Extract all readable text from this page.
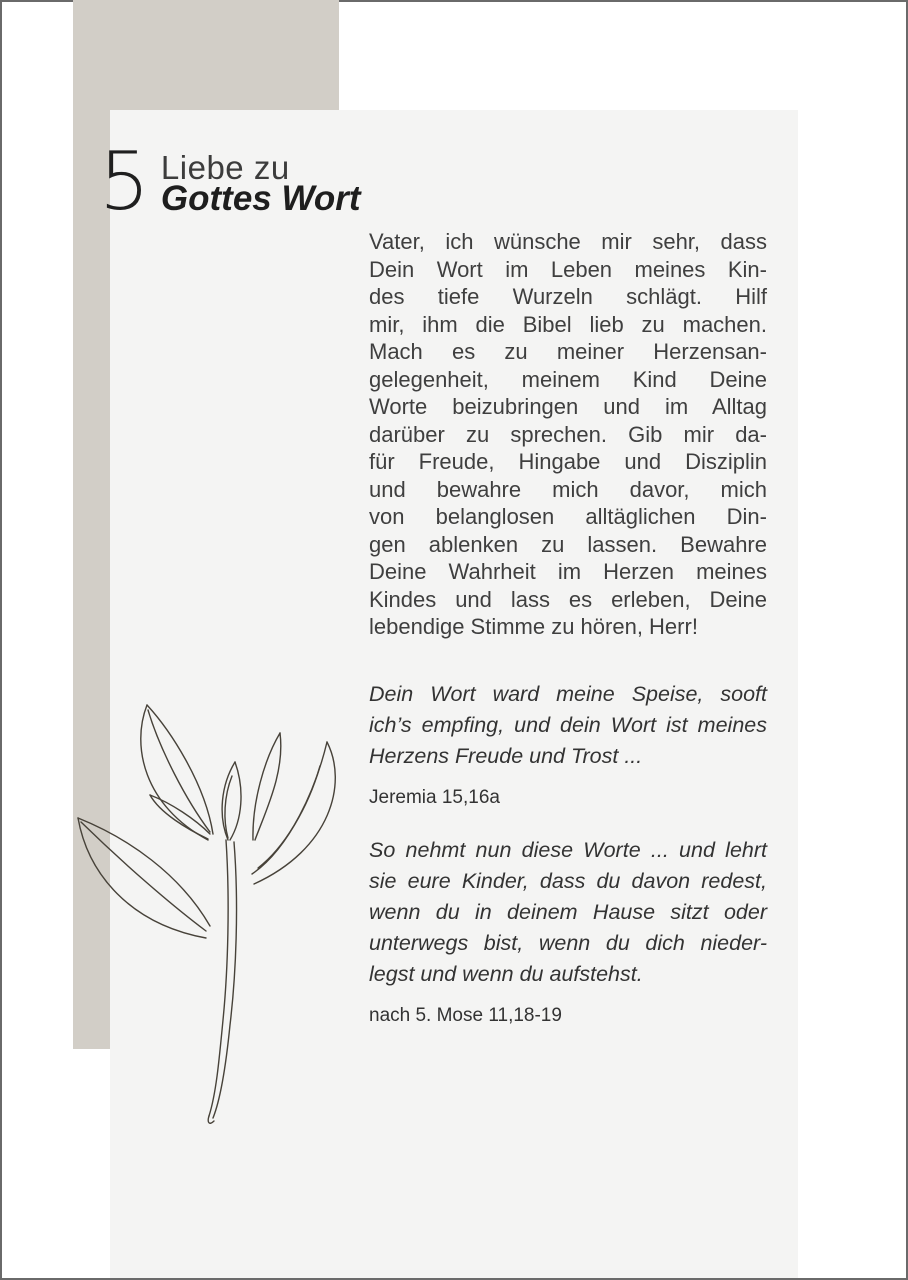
5 Liebe zu
Gottes Wort
Vater, ich wünsche mir sehr, dass
Dein Wort im Leben meines Kin-
des tiefe Wurzeln schlägt. Hilf
mir, ihm die Bibel lieb zu machen.
Mach es zu meiner Herzensan-
gelegenheit, meinem Kind Deine
Worte beizubringen und im Alltag
darüber zu sprechen. Gib mir da-
für Freude, Hingabe und Disziplin
und bewahre mich davor, mich
von belanglosen alltäglichen Din-
gen ablenken zu lassen. Bewahre
Deine Wahrheit im Herzen meines
Kindes und lass es erleben, Deine
lebendige Stimme zu hören, Herr!
Dein Wort ward meine Speise, sooft
ich’s empfing, und dein Wort ist meines
Herzens Freude und Trost ...
Jeremia 15,16a
So nehmt nun diese Worte ... und lehrt
sie eure Kinder, dass du davon redest,
wenn du in deinem Hause sitzt oder
unterwegs bist, wenn du dich nieder-
legst und wenn du aufstehst.
nach 5. Mose 11,18-19
